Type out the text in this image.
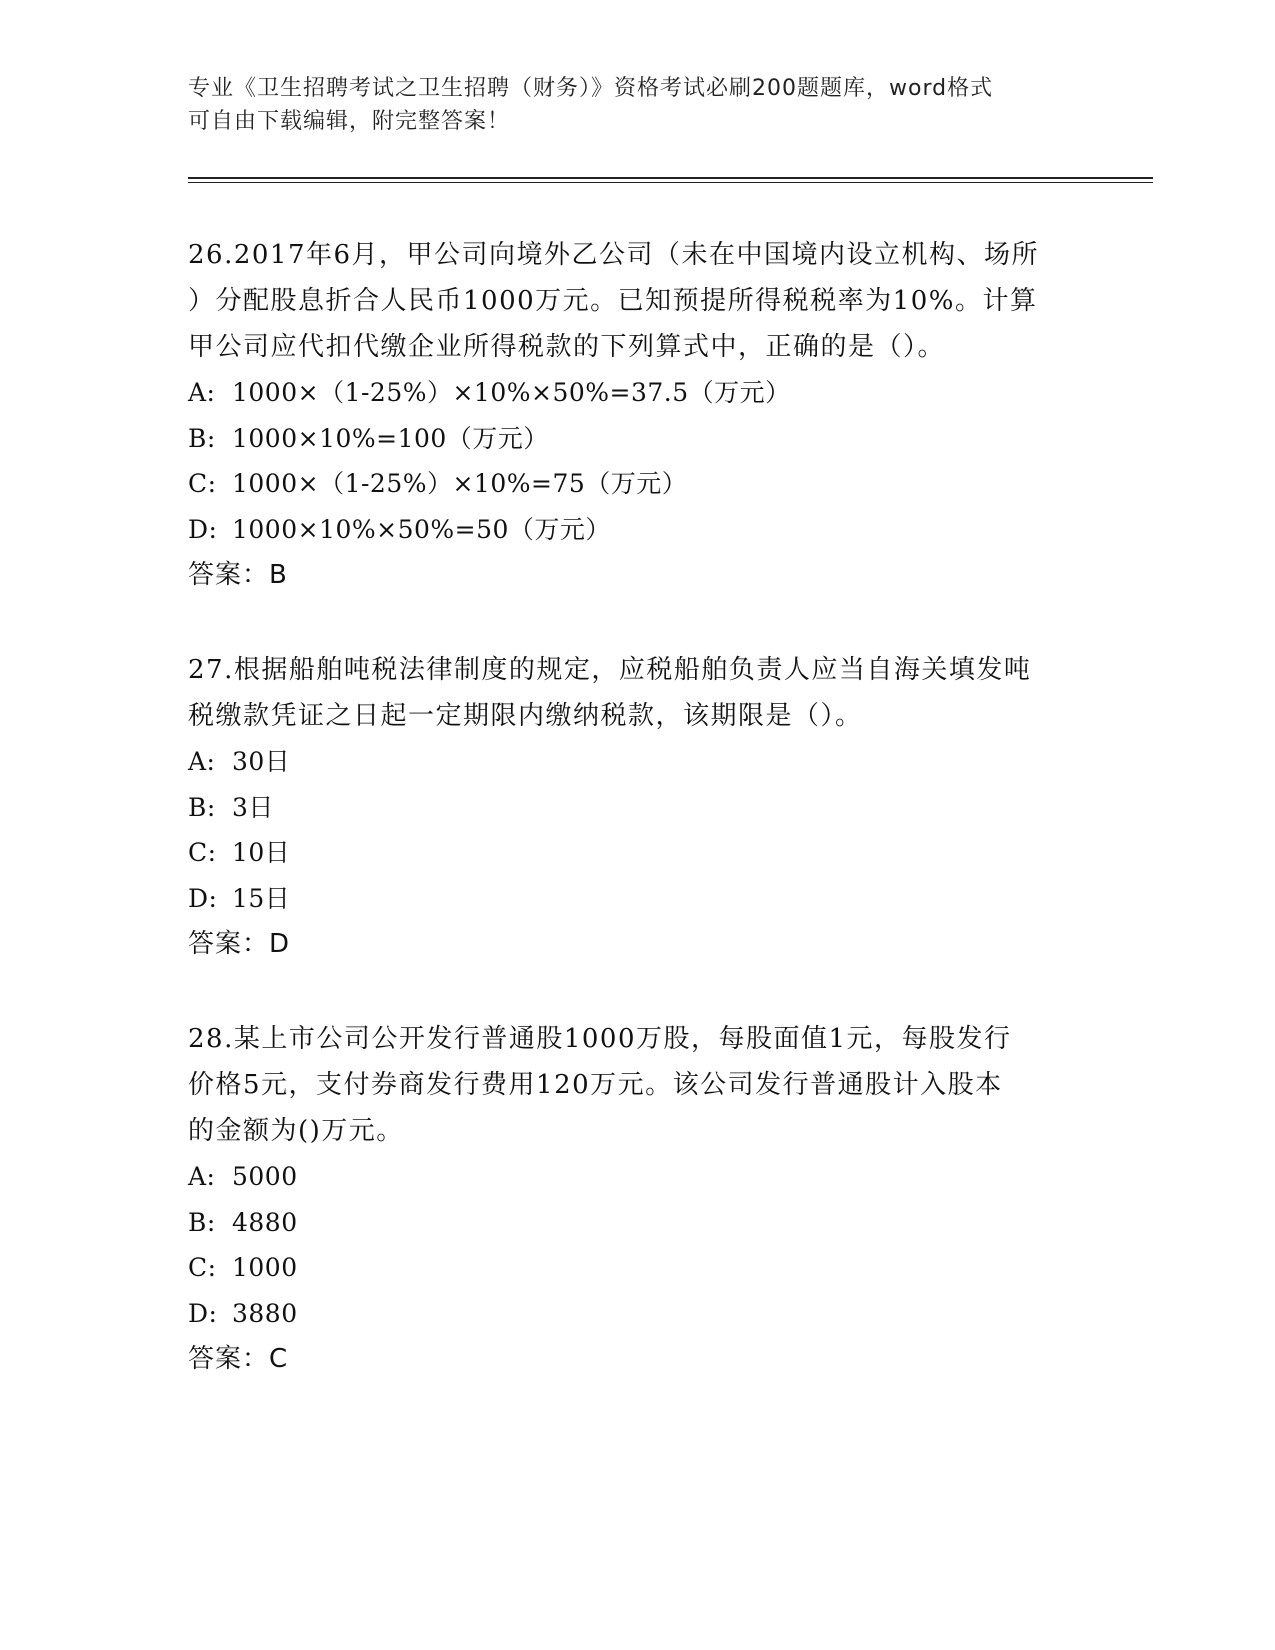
专业《卫生招聘考试之卫生招聘（财务）》资格考试必刷200题题库，word格式
可自由下载编辑，附完整答案！
26.2017年6月，甲公司向境外乙公司（未在中国境内设立机构、场所
）分配股息折合人民币1000万元。已知预提所得税税率为10%。计算
甲公司应代扣代缴企业所得税款的下列算式中，正确的是（）。
A: 1000×（1-25%）×10%×50%=37.5（万元）
B: 1000×10%=100（万元）
C: 1000×（1-25%）×10%=75（万元）
D: 1000×10%×50%=50（万元）
答案：B
27.根据船舶吨税法律制度的规定，应税船舶负责人应当自海关填发吨
税缴款凭证之日起一定期限内缴纳税款，该期限是（）。
A: 30日
B: 3日
C: 10日
D: 15日
答案：D
28.某上市公司公开发行普通股1000万股，每股面值1元，每股发行
价格5元，支付券商发行费用120万元。该公司发行普通股计入股本
的金额为()万元。
A: 5000
B: 4880
C: 1000
D: 3880
答案：C
